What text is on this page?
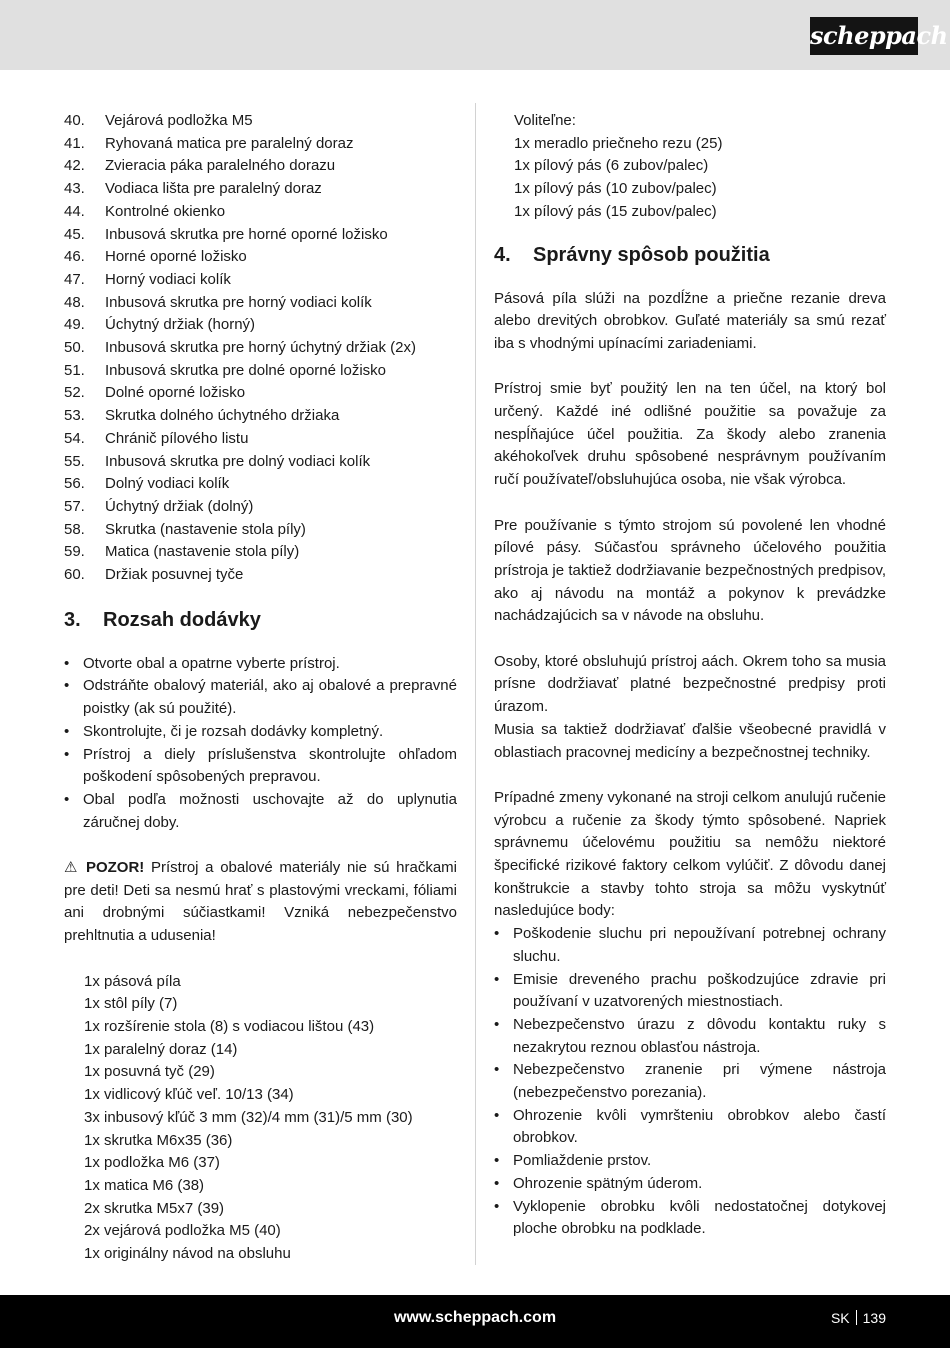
scheppach
40.	Vejárová podložka M5
41.	Ryhovaná matica pre paralelný doraz
42.	Zvieracia páka paralelného dorazu
43.	Vodiaca lišta pre paralelný doraz
44.	Kontrolné okienko
45.	Inbusová skrutka pre horné oporné ložisko
46.	Horné oporné ložisko
47.	Horný vodiaci kolík
48.	Inbusová skrutka pre horný vodiaci kolík
49.	Úchytný držiak (horný)
50.	Inbusová skrutka pre horný úchytný držiak (2x)
51.	Inbusová skrutka pre dolné oporné ložisko
52.	Dolné oporné ložisko
53.	Skrutka dolného úchytného držiaka
54.	Chránič pílového listu
55.	Inbusová skrutka pre dolný vodiaci kolík
56.	Dolný vodiaci kolík
57.	Úchytný držiak (dolný)
58.	Skrutka (nastavenie stola píly)
59.	Matica (nastavenie stola píly)
60.	Držiak posuvnej tyče
3.	Rozsah dodávky
• Otvorte obal a opatrne vyberte prístroj.
• Odstráňte obalový materiál, ako aj obalové a prepravné poistky (ak sú použité).
• Skontrolujte, či je rozsah dodávky kompletný.
• Prístroj a diely príslušenstva skontrolujte ohľadom poškodení spôsobených prepravou.
• Obal podľa možnosti uschovajte až do uplynutia záručnej doby.

⚠ POZOR! Prístroj a obalové materiály nie sú hračkami pre deti! Deti sa nesmú hrať s plastovými vreckami, fóliami ani drobnými súčiastkami! Vzniká nebezpečenstvo prehltnutia a udusenia!

1x pásová píla
1x stôl píly (7)
1x rozšírenie stola (8) s vodiacou lištou (43)
1x paralelný doraz (14)
1x posuvná tyč (29)
1x vidlicový kľúč veľ. 10/13 (34)
3x inbusový kľúč 3 mm (32)/4 mm (31)/5 mm (30)
1x skrutka M6x35 (36)
1x podložka M6 (37)
1x matica M6 (38)
2x skrutka M5x7 (39)
2x vejárová podložka M5 (40)
1x originálny návod na obsluhu
Voliteľne:
1x meradlo priečneho rezu (25)
1x pílový pás (6 zubov/palec)
1x pílový pás (10 zubov/palec)
1x pílový pás (15 zubov/palec)
4.	Správny spôsob použitia

Pásová píla slúži na pozdĺžne a priečne rezanie dreva alebo drevitých obrobkov. Guľaté materiály sa smú rezať iba s vhodnými upínacími zariadeniami.

Prístroj smie byť použitý len na ten účel, na ktorý bol určený. Každé iné odlišné použitie sa považuje za nespĺňajúce účel použitia. Za škody alebo zranenia akéhokoľvek druhu spôsobené nesprávnym používaním ručí používateľ/obsluhujúca osoba, nie však výrobca.

Pre používanie s týmto strojom sú povolené len vhodné pílové pásy. Súčasťou správneho účelového použitia prístroja je taktiež dodržiavanie bezpečnostných predpisov, ako aj návodu na montáž a pokynov k prevádzke nachádzajúcich sa v návode na obsluhu.

Osoby, ktoré obsluhujú prístroj aách. Okrem toho sa musia prísne dodržiavať platné bezpečnostné predpisy proti úrazom.

Musia sa taktiež dodržiavať ďalšie všeobecné pravidlá v oblastiach pracovnej medicíny a bezpečnostnej techniky.

Prípadné zmeny vykonané na stroji celkom anulujú ručenie výrobcu a ručenie za škody týmto spôsobené. Napriek správnemu účelovému použitiu sa nemôžu niektoré špecifické rizikové faktory celkom vylúčiť. Z dôvodu danej konštrukcie a stavby tohto stroja sa môžu vyskytnúť nasledujúce body:

• Poškodenie sluchu pri nepoužívaní potrebnej ochrany sluchu.
• Emisie dreveného prachu poškodzujúce zdravie pri používaní v uzatvorených miestnostiach.
• Nebezpečenstvo úrazu z dôvodu kontaktu ruky s nezakrytou reznou oblasťou nástroja.
• Nebezpečenstvo zranenie pri výmene nástroja (nebezpečenstvo porezania).
• Ohrozenie kvôli vymršteniu obrobkov alebo častí obrobkov.
• Pomliaždenie prstov.
• Ohrozenie spätným úderom.
• Vyklopenie obrobku kvôli nedostatočnej dotykovej ploche obrobku na podklade.
www.scheppach.com	SK 139
